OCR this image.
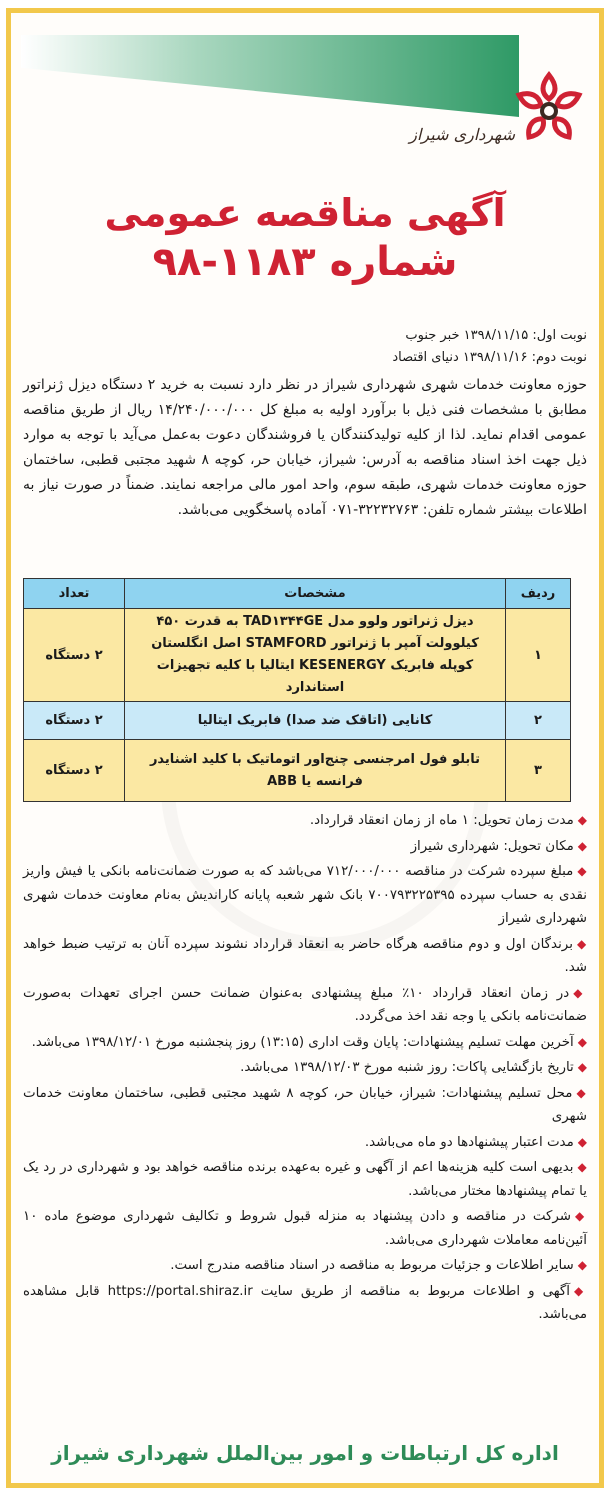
شهرداری شیراز
آگهی مناقصه عمومی
شماره ۱۱۸۳-۹۸
نوبت اول: ۱۳۹۸/۱۱/۱۵ خبر جنوب
نوبت دوم: ۱۳۹۸/۱۱/۱۶ دنیای اقتصاد
حوزه معاونت خدمات شهری شهرداری شیراز در نظر دارد نسبت به خرید ۲ دستگاه دیزل ژنراتور مطابق با مشخصات فنی ذیل با برآورد اولیه به مبلغ کل ۱۴/۲۴۰/۰۰۰/۰۰۰ ریال از طریق مناقصه عمومی اقدام نماید. لذا از کلیه تولیدکنندگان یا فروشندگان دعوت به‌عمل می‌آید با توجه به موارد ذیل جهت اخذ اسناد مناقصه به آدرس: شیراز، خیابان حر، کوچه ۸ شهید مجتبی قطبی، ساختمان حوزه معاونت خدمات شهری، طبقه سوم، واحد امور مالی مراجعه نمایند. ضمناً در صورت نیاز به اطلاعات بیشتر شماره تلفن: ۳۲۲۳۲۷۶۳-۰۷۱ آماده پاسخگویی می‌باشد.
ردیف	مشخصات	تعداد
۱	دیزل ژنراتور ولوو مدل TAD۱۳۴۴GE به قدرت ۴۵۰ کیلوولت آمپر با ژنراتور STAMFORD اصل انگلستان کوپله فابریک KESENERGY ایتالیا با کلیه تجهیزات استاندارد	۲ دستگاه
۲	کانایی (اتاقک ضد صدا) فابریک ایتالیا	۲ دستگاه
۳	تابلو فول امرجنسی چنج‌اور اتوماتیک با کلید اشنایدر فرانسه یا ABB	۲ دستگاه

◆مدت زمان تحویل: ۱ ماه از زمان انعقاد قرارداد.

◆مکان تحویل: شهرداری شیراز

◆مبلغ سپرده شرکت در مناقصه ۷۱۲/۰۰۰/۰۰۰ می‌باشد که به صورت ضمانت‌نامه بانکی یا فیش واریز نقدی به حساب سپرده ۷۰۰۷۹۳۲۲۵۳۹۵ بانک شهر شعبه پایانه کاراندیش به‌نام معاونت خدمات شهری شهرداری شیراز

◆برندگان اول و دوم مناقصه هرگاه حاضر به انعقاد قرارداد نشوند سپرده آنان به ترتیب ضبط خواهد شد.

◆در زمان انعقاد قرارداد ۱۰٪ مبلغ پیشنهادی به‌عنوان ضمانت حسن اجرای تعهدات به‌صورت ضمانت‌نامه بانکی یا وجه نقد اخذ می‌گردد.

◆آخرین مهلت تسلیم پیشنهادات: پایان وقت اداری (۱۳:۱۵) روز پنجشنبه مورخ ۱۳۹۸/۱۲/۰۱ می‌باشد.

◆تاریخ بازگشایی پاکات: روز شنبه مورخ ۱۳۹۸/۱۲/۰۳ می‌باشد.

◆محل تسلیم پیشنهادات: شیراز، خیابان حر، کوچه ۸ شهید مجتبی قطبی، ساختمان معاونت خدمات شهری

◆مدت اعتبار پیشنهادها دو ماه می‌باشد.

◆بدیهی است کلیه هزینه‌ها اعم از آگهی و غیره به‌عهده برنده مناقصه خواهد بود و شهرداری در رد یک یا تمام پیشنهادها مختار می‌باشد.

◆شرکت در مناقصه و دادن پیشنهاد به منزله قبول شروط و تکالیف شهرداری موضوع ماده ۱۰ آئین‌نامه معاملات شهرداری می‌باشد.

◆سایر اطلاعات و جزئیات مربوط به مناقصه در اسناد مناقصه مندرج است.

◆آگهی و اطلاعات مربوط به مناقصه از طریق سایت https://portal.shiraz.ir قابل مشاهده می‌باشد.

اداره کل ارتباطات و امور بین‌الملل شهرداری شیراز
